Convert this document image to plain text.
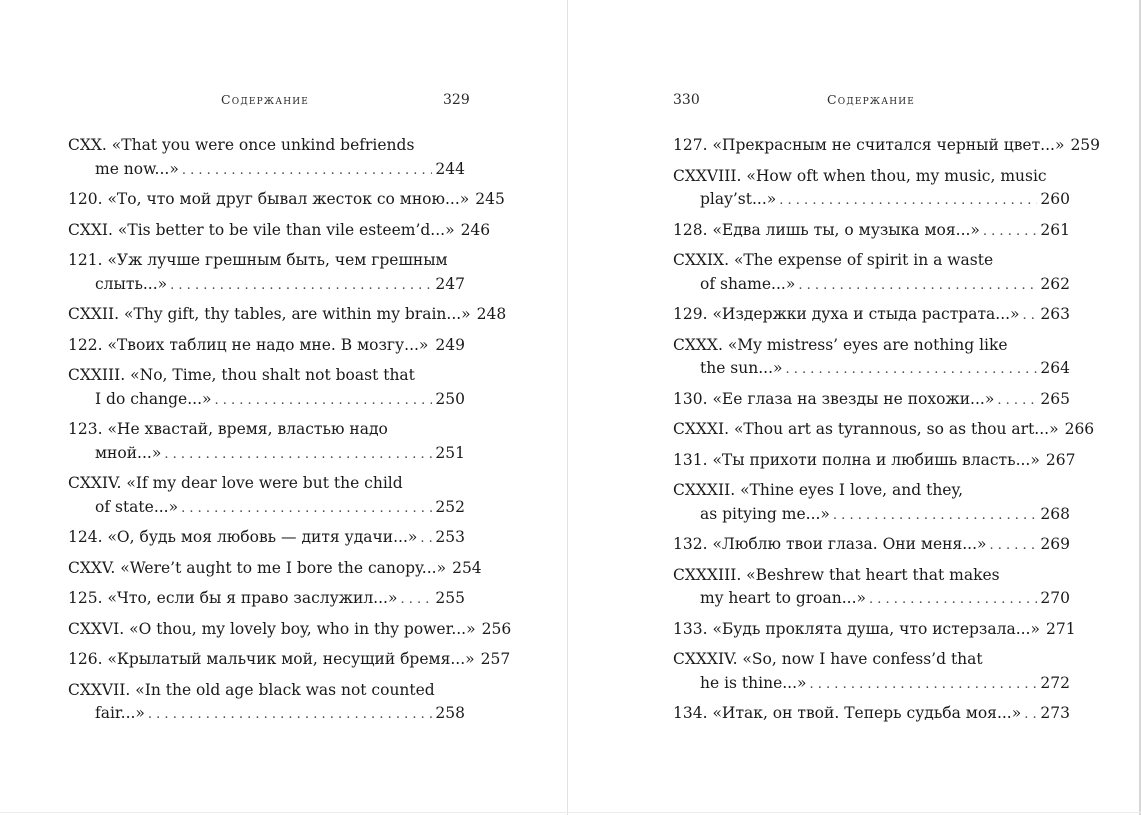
Содержание	329
CXX. «That you were once unkind befriends
me now...» . . .	244
120. «То, что мой друг бывал жесток со мною...» 245
CXXI. «Tis better to be vile than vile esteem’d...» 246
121. «Уж лучше грешным быть, чем грешным
слыть...» . . .	247
CXXII. «Thy gift, thy tables, are within my brain...» 248
122. «Твоих таблиц не надо мне. В мозгу...» . . . 249
CXXIII. «No, Time, thou shalt not boast that
I do change...» . . .	250
123. «Не хвастай, время, властью надо
мной...» . . .	251
CXXIV. «If my dear love were but the child
of state...» . . .	252
124. «О, будь моя любовь — дитя удачи...» . . . 253
CXXV. «Were’t aught to me I bore the canopy...» 254
125. «Что, если бы я право заслужил...» . . . 255
CXXVI. «O thou, my lovely boy, who in thy power...» 256
126. «Крылатый мальчик мой, несущий бремя...» 257
CXXVII. «In the old age black was not counted
fair...» . . .	258
330	Содержание
127. «Прекрасным не считался черный цвет...» 259
CXXVIII. «How oft when thou, my music, music
play’st...» . . .	260
128. «Едва лишь ты, о музыка моя...» . . .	261
CXXIX. «The expense of spirit in a waste
of shame...» . . .	262
129. «Издержки духа и стыда растрата...» . . . 263
CXXX. «My mistress’ eyes are nothing like
the sun...» . . .	264
130. «Ее глаза на звезды не похожи...» . . .	265
CXXXI. «Thou art as tyrannous, so as thou art...» 266
131. «Ты прихоти полна и любишь власть...» 267
CXXXII. «Thine eyes I love, and they,
as pitying me...» . . .	268
132. «Люблю твои глаза. Они меня...» . . .	269
CXXXIII. «Beshrew that heart that makes
my heart to groan...» . . .	270
133. «Будь проклята душа, что истерзала...» 271
CXXXIV. «So, now I have confess’d that
he is thine...» . . .	272
134. «Итак, он твой. Теперь судьба моя...» . . . 273
